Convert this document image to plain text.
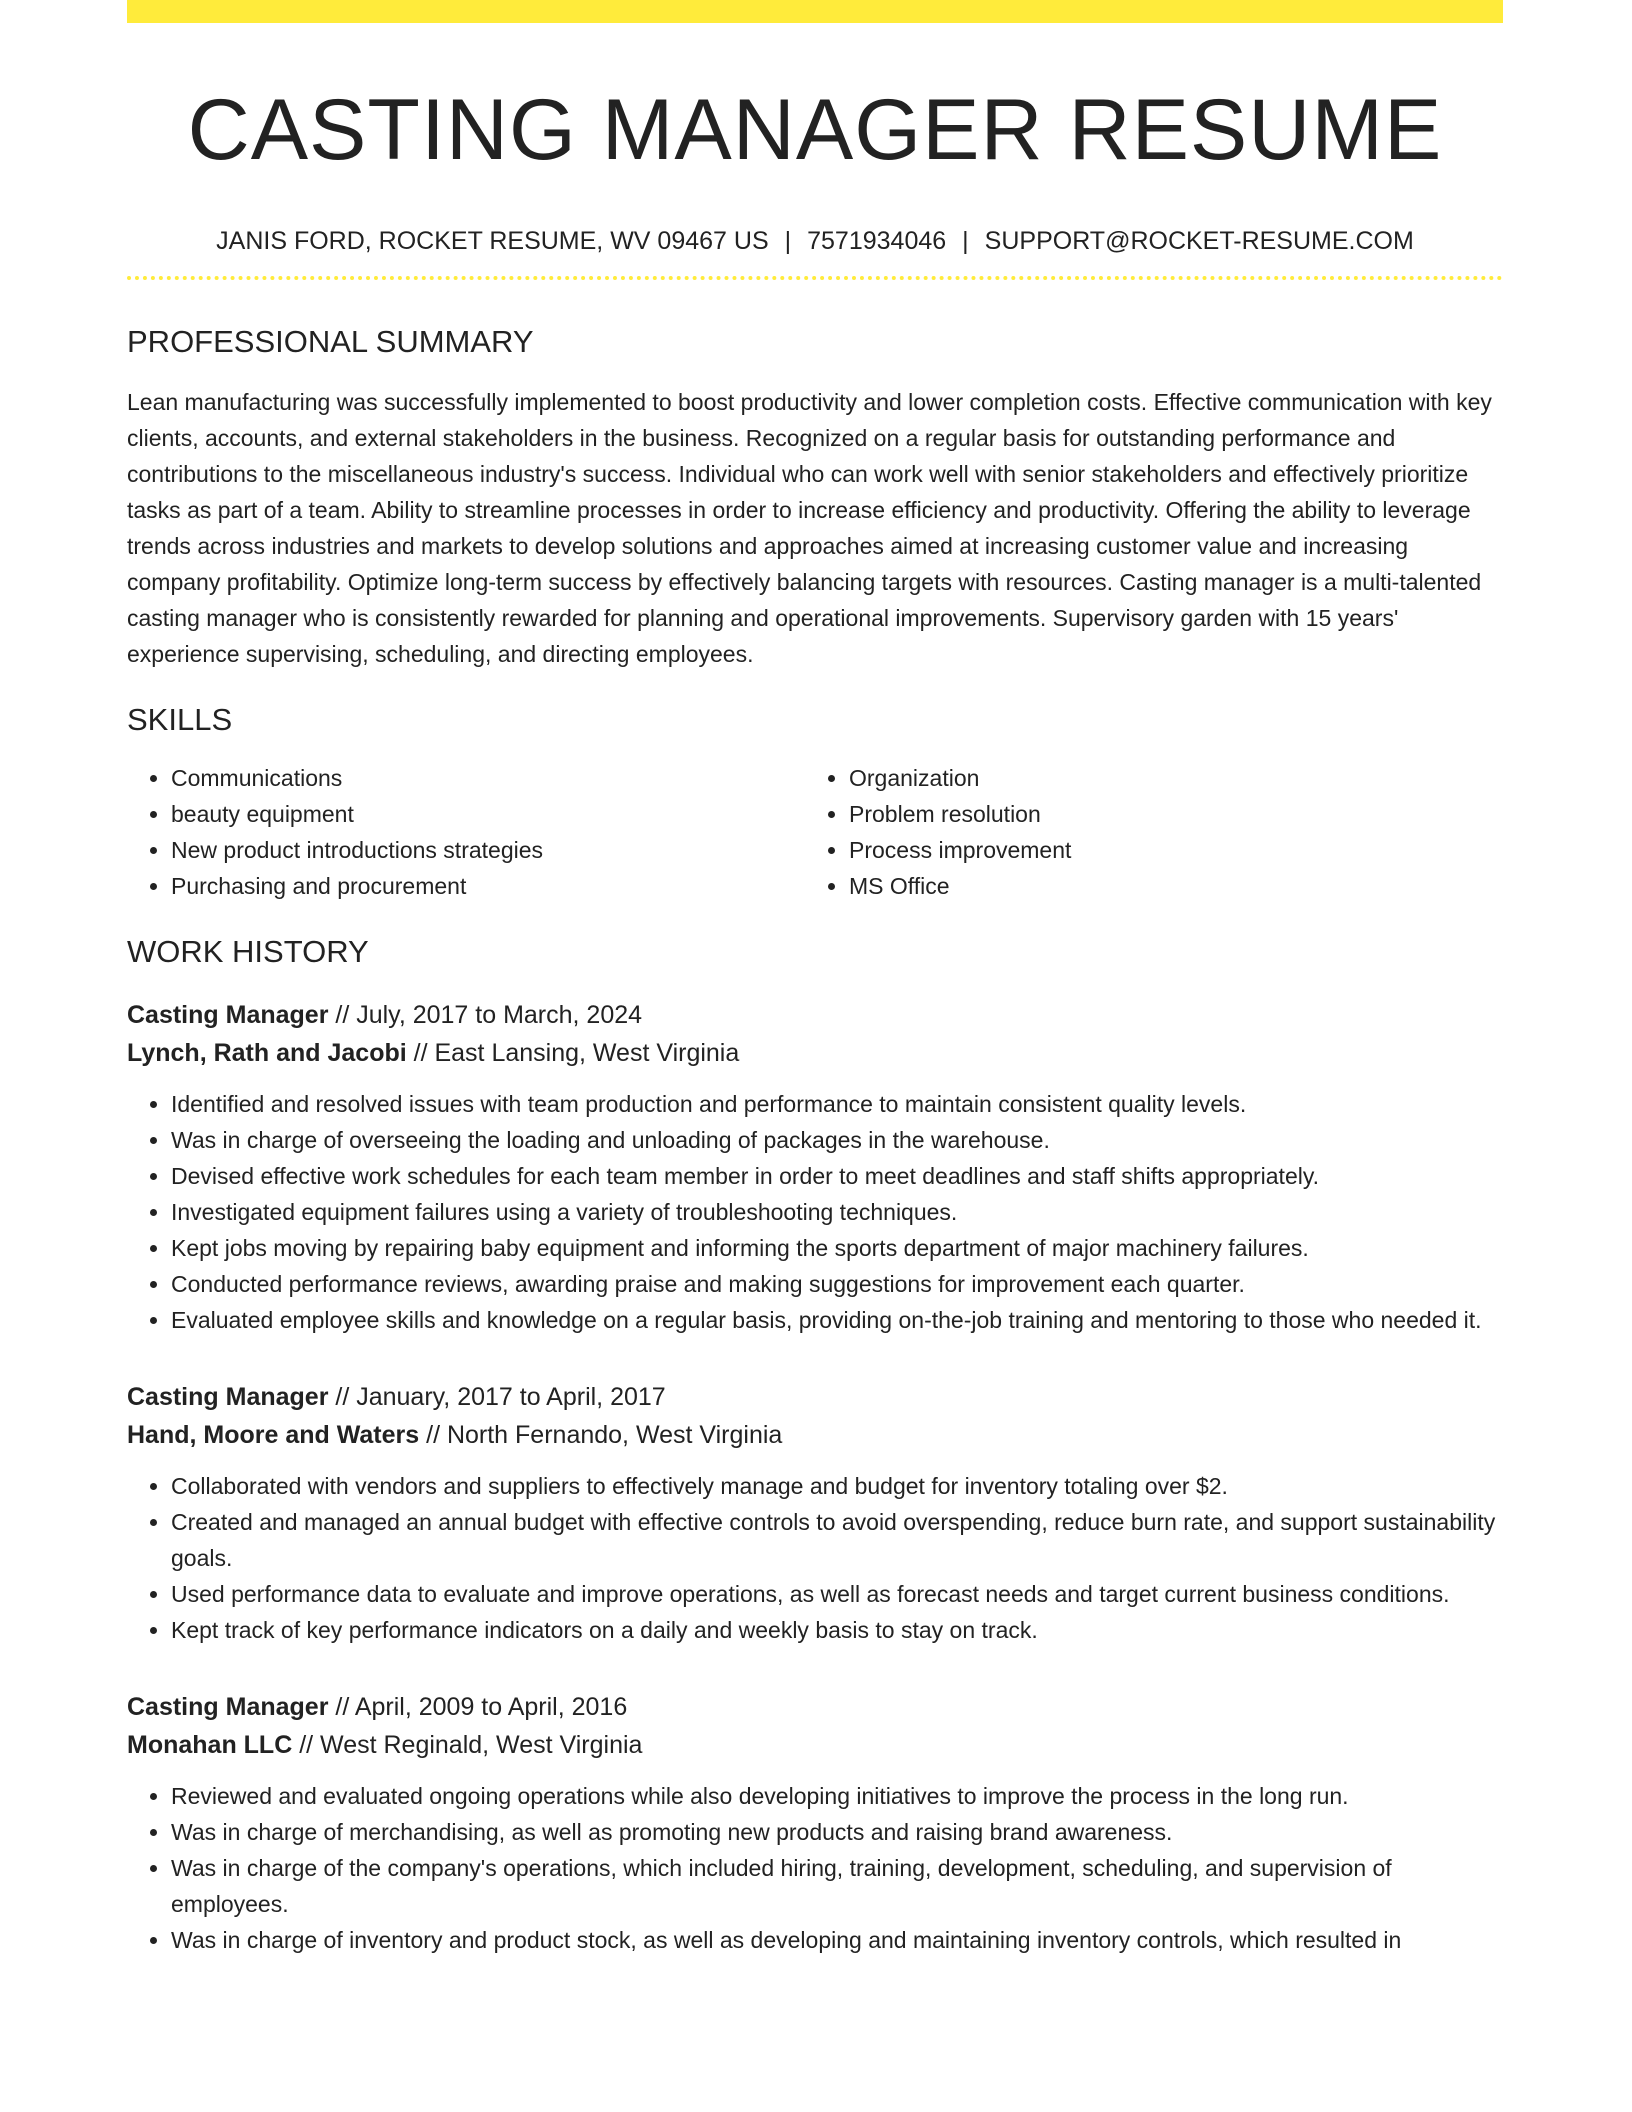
CASTING MANAGER RESUME
JANIS FORD, ROCKET RESUME, WV 09467 US | 7571934046 | SUPPORT@ROCKET-RESUME.COM
PROFESSIONAL SUMMARY

Lean manufacturing was successfully implemented to boost productivity and lower completion costs. Effective communication with key clients, accounts, and external stakeholders in the business. Recognized on a regular basis for outstanding performance and contributions to the miscellaneous industry's success. Individual who can work well with senior stakeholders and effectively prioritize tasks as part of a team. Ability to streamline processes in order to increase efficiency and productivity. Offering the ability to leverage trends across industries and markets to develop solutions and approaches aimed at increasing customer value and increasing company profitability. Optimize long-term success by effectively balancing targets with resources. Casting manager is a multi-talented casting manager who is consistently rewarded for planning and operational improvements. Supervisory garden with 15 years' experience supervising, scheduling, and directing employees.

SKILLS
• Communications
• beauty equipment
• New product introductions strategies
• Purchasing and procurement
• Organization
• Problem resolution
• Process improvement
• MS Office
WORK HISTORY
Casting Manager // July, 2017 to March, 2024
Lynch, Rath and Jacobi // East Lansing, West Virginia
• Identified and resolved issues with team production and performance to maintain consistent quality levels.
• Was in charge of overseeing the loading and unloading of packages in the warehouse.
• Devised effective work schedules for each team member in order to meet deadlines and staff shifts appropriately.
• Investigated equipment failures using a variety of troubleshooting techniques.
• Kept jobs moving by repairing baby equipment and informing the sports department of major machinery failures.
• Conducted performance reviews, awarding praise and making suggestions for improvement each quarter.
• Evaluated employee skills and knowledge on a regular basis, providing on-the-job training and mentoring to those who needed it.
Casting Manager // January, 2017 to April, 2017
Hand, Moore and Waters // North Fernando, West Virginia
• Collaborated with vendors and suppliers to effectively manage and budget for inventory totaling over $2.
• Created and managed an annual budget with effective controls to avoid overspending, reduce burn rate, and support sustainability goals.
• Used performance data to evaluate and improve operations, as well as forecast needs and target current business conditions.
• Kept track of key performance indicators on a daily and weekly basis to stay on track.
Casting Manager // April, 2009 to April, 2016
Monahan LLC // West Reginald, West Virginia
• Reviewed and evaluated ongoing operations while also developing initiatives to improve the process in the long run.
• Was in charge of merchandising, as well as promoting new products and raising brand awareness.
• Was in charge of the company's operations, which included hiring, training, development, scheduling, and supervision of employees.
• Was in charge of inventory and product stock, as well as developing and maintaining inventory controls, which resulted in
